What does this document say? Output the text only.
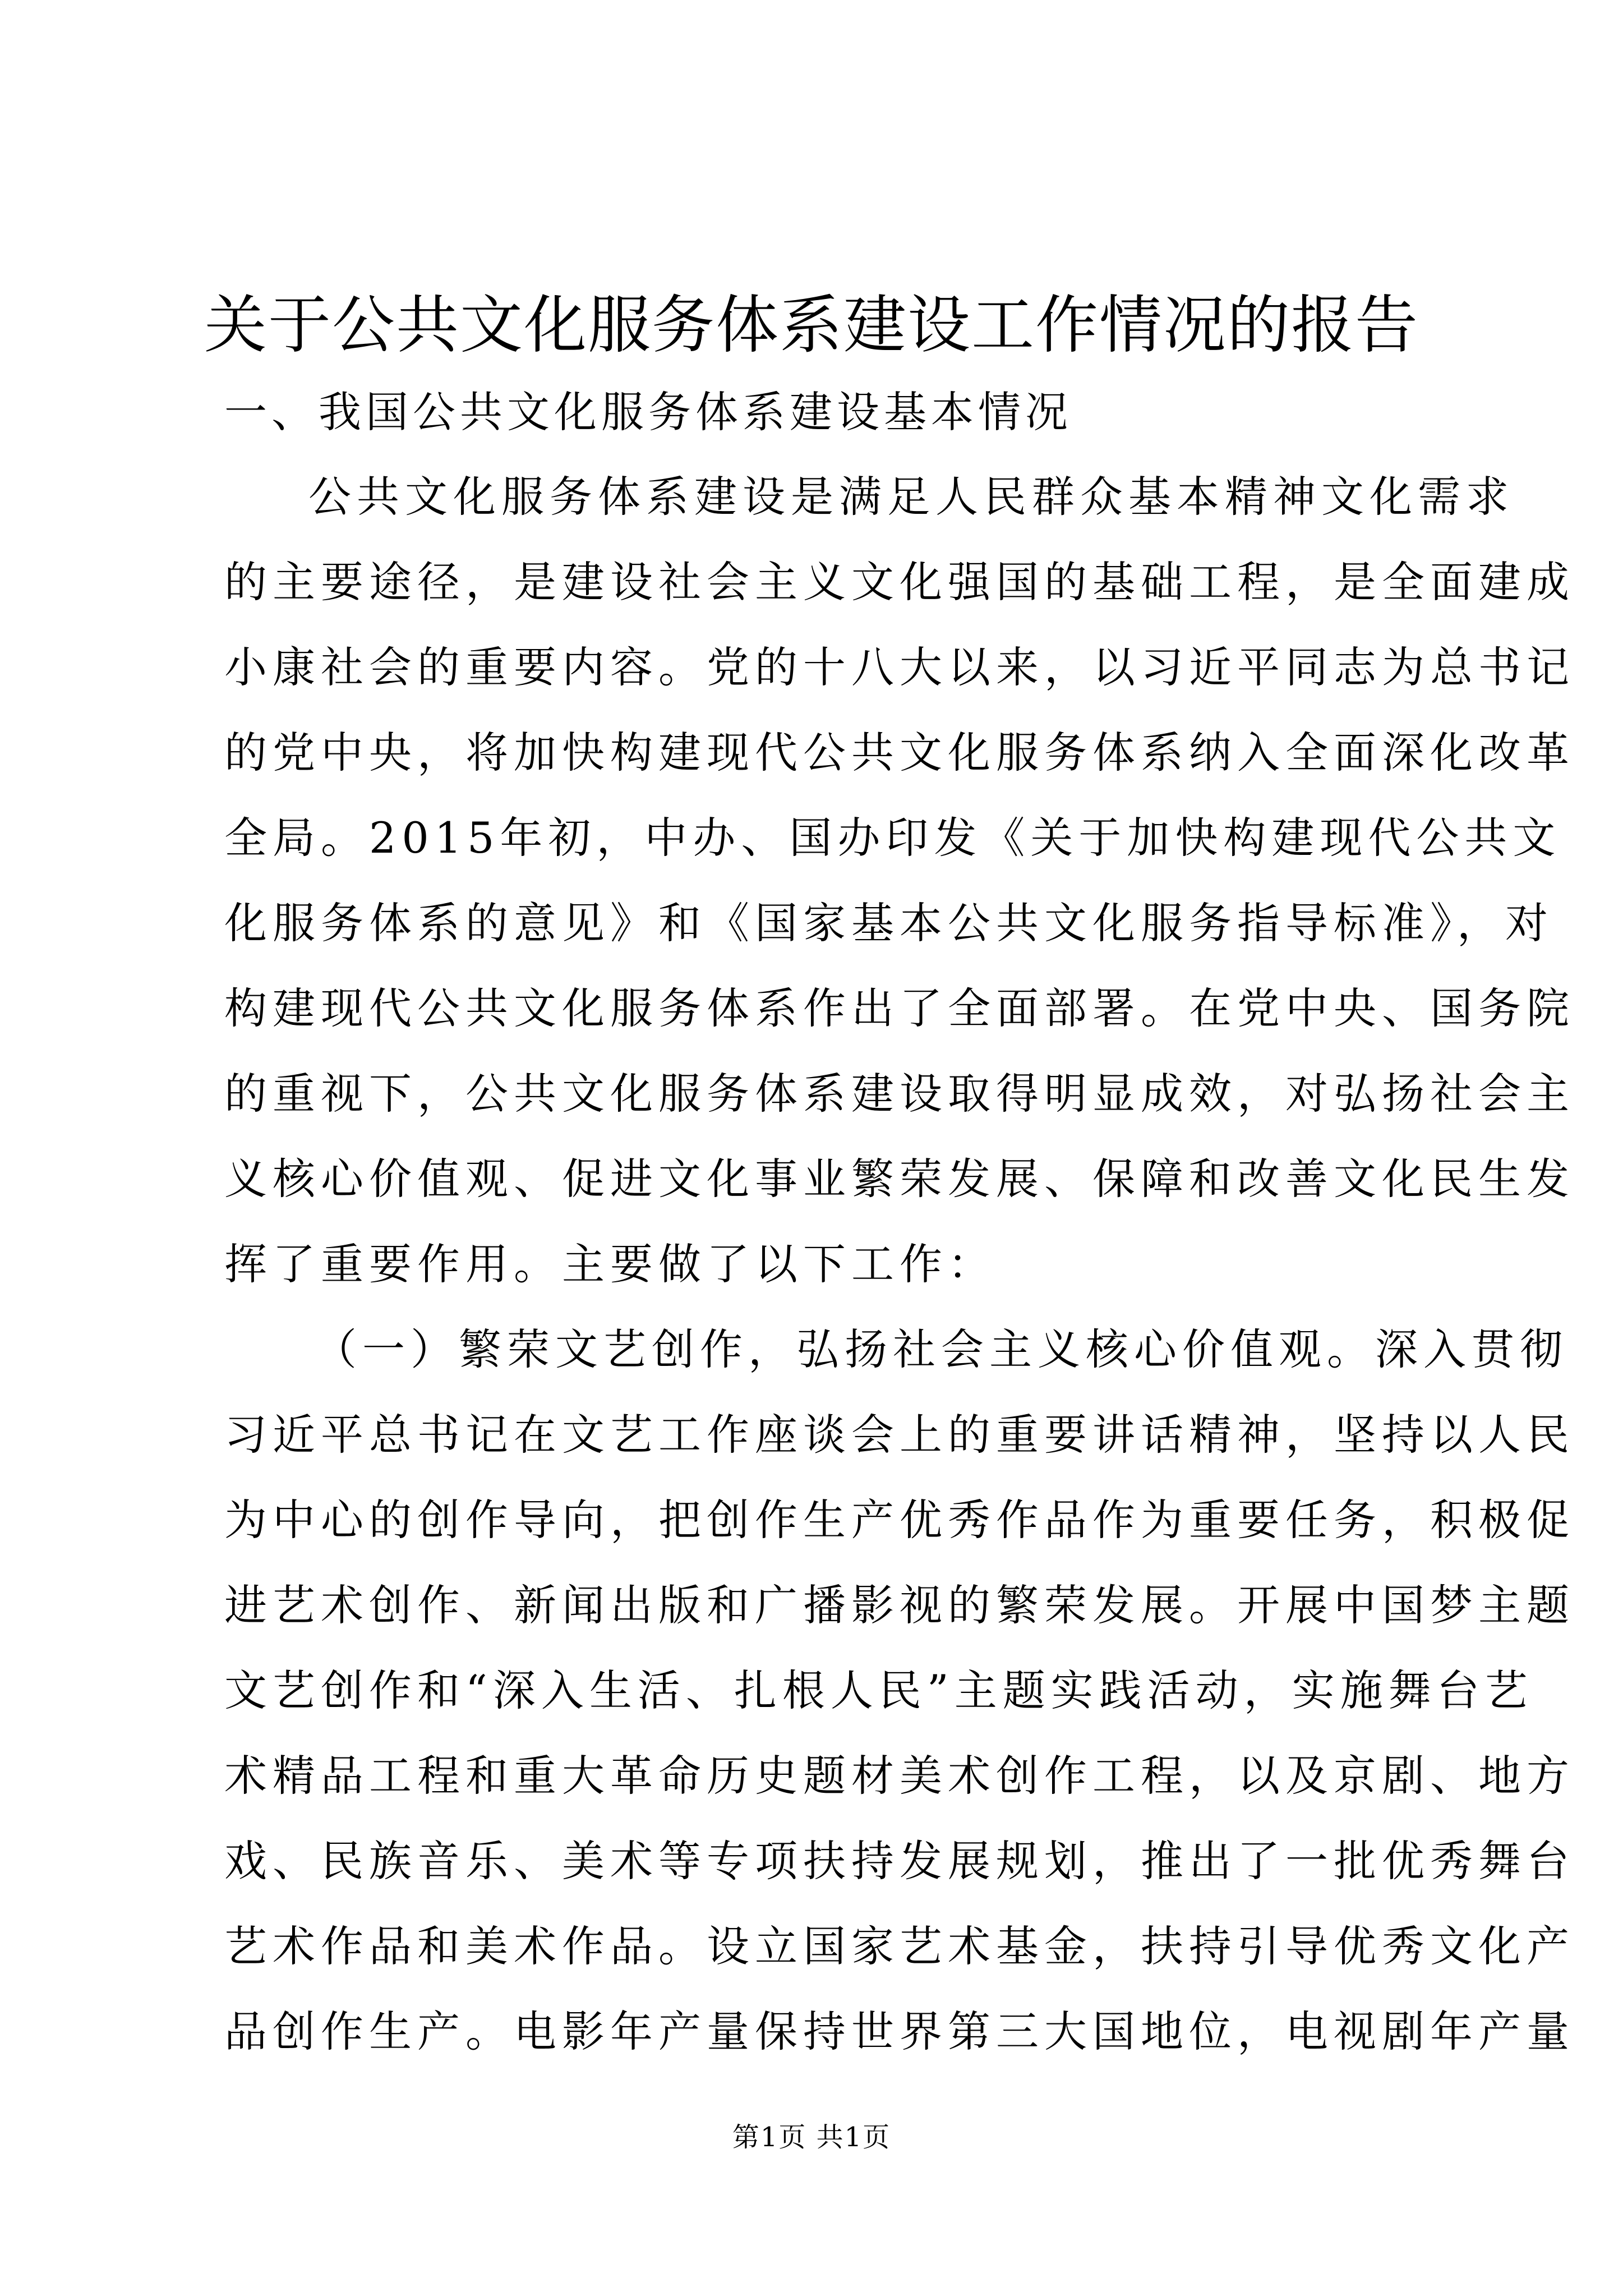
关于公共文化服务体系建设工作情况的报告
一、我国公共文化服务体系建设基本情况
公共文化服务体系建设是满足人民群众基本精神文化需求
的主要途径，是建设社会主义文化强国的基础工程，是全面建成
小康社会的重要内容。党的十八大以来，以习近平同志为总书记
的党中央，将加快构建现代公共文化服务体系纳入全面深化改革
全局。2015年初，中办、国办印发《关于加快构建现代公共文
化服务体系的意见》和《国家基本公共文化服务指导标准》，对
构建现代公共文化服务体系作出了全面部署。在党中央、国务院
的重视下，公共文化服务体系建设取得明显成效，对弘扬社会主
义核心价值观、促进文化事业繁荣发展、保障和改善文化民生发
挥了重要作用。主要做了以下工作：
（一）繁荣文艺创作，弘扬社会主义核心价值观。深入贯彻
习近平总书记在文艺工作座谈会上的重要讲话精神，坚持以人民
为中心的创作导向，把创作生产优秀作品作为重要任务，积极促
进艺术创作、新闻出版和广播影视的繁荣发展。开展中国梦主题
文艺创作和“深入生活、扎根人民”主题实践活动，实施舞台艺
术精品工程和重大革命历史题材美术创作工程，以及京剧、地方
戏、民族音乐、美术等专项扶持发展规划，推出了一批优秀舞台
艺术作品和美术作品。设立国家艺术基金，扶持引导优秀文化产
品创作生产。电影年产量保持世界第三大国地位，电视剧年产量
第1页 共1页
